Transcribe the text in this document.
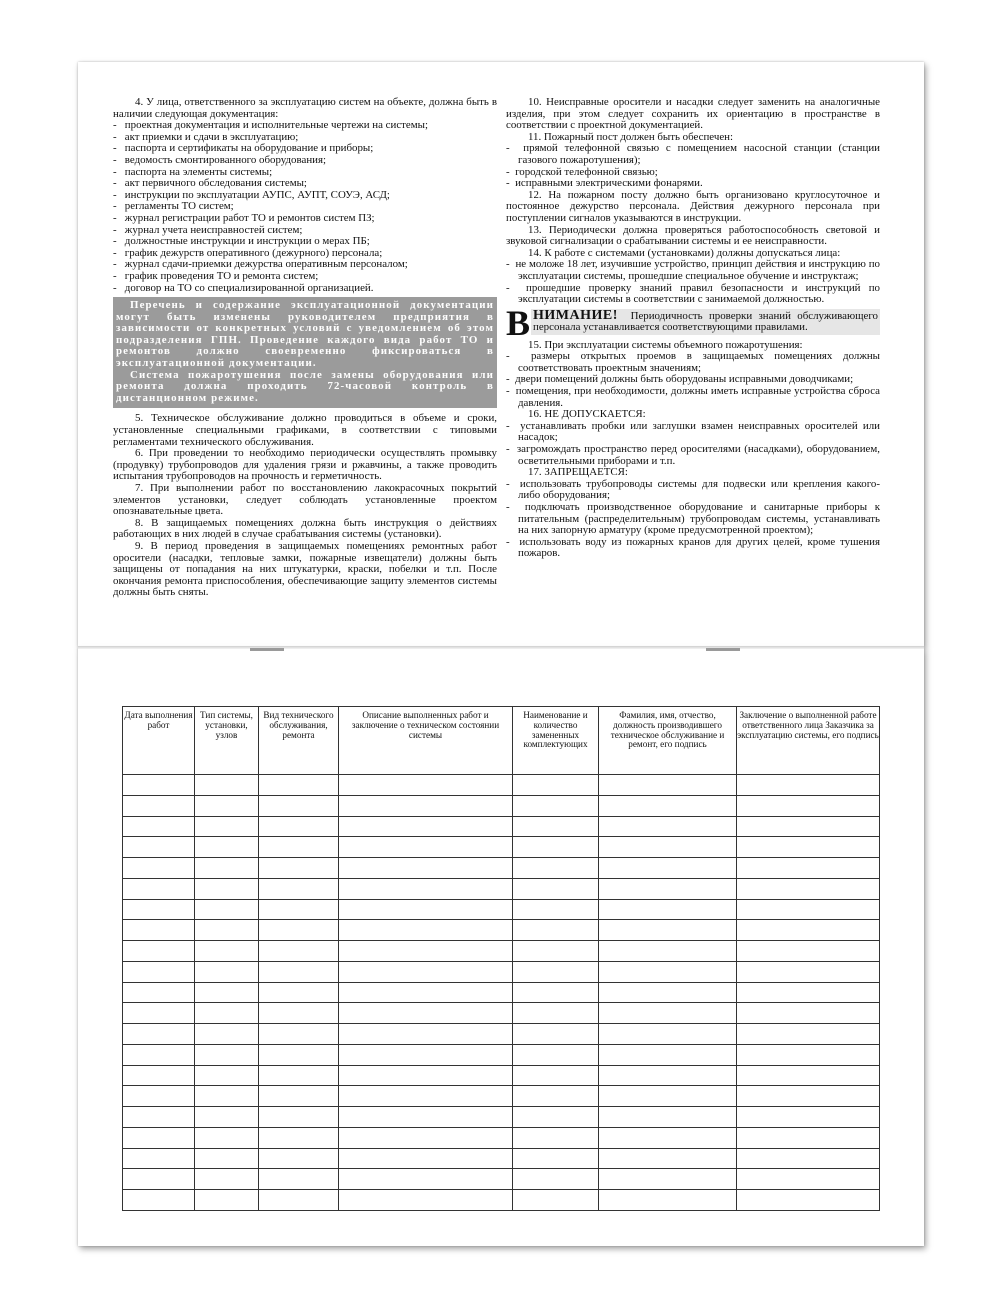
4. У лица, ответственного за эксплуатацию систем на объекте, должна быть в наличии следующая документация:

-   проектная документация и исполнительные чертежи на системы;
-   акт приемки и сдачи в эксплуатацию;
-   паспорта и сертификаты на оборудование и приборы;
-   ведомость смонтированного оборудования;
-   паспорта на элементы системы;
-   акт первичного обследования системы;
-   инструкции по эксплуатации АУПС, АУПТ, СОУЭ, АСД;
-   регламенты ТО систем;
-   журнал регистрации работ ТО и ремонтов систем ПЗ;
-   журнал учета неисправностей систем;
-   должностные инструкции и инструкции о мерах ПБ;
-   график дежурств оперативного (дежурного) персонала;
-   журнал сдачи-приемки дежурства оперативным персоналом;
-   график проведения ТО и ремонта систем;
-   договор на ТО со специализированной организацией.

Перечень и содержание эксплуатационной документации могут быть изменены руководителем предприятия в зависимости от конкретных условий с уведомлением об этом подразделения ГПН. Проведение каждого вида работ ТО и ремонтов должно своевременно фиксироваться в эксплуатационной документации.

Система пожаротушения после замены оборудования или ремонта должна проходить 72-часовой контроль в дистанционном режиме.

5. Техническое обслуживание должно проводиться в объеме и сроки, установленные специальными графиками, в соответствии с типовыми регламентами технического обслуживания.

6. При проведении то необходимо периодически осуществлять промывку (продувку) трубопроводов для удаления грязи и ржавчины, а также проводить испытания трубопроводов на прочность и герметичность.

7. При выполнении работ по восстановлению лакокрасочных покрытий элементов установки, следует соблюдать установленные проектом опознавательные цвета.

8. В защищаемых помещениях должна быть инструкция о действиях работающих в них людей в случае срабатывания системы (установки).

9. В период проведения в защищаемых помещениях ремонтных работ оросители (насадки, тепловые замки, пожарные извещатели) должны быть защищены от попадания на них штукатурки, краски, побелки и т.п. После окончания ремонта приспособления, обеспечивающие защиту элементов системы должны быть сняты.

10. Неисправные оросители и насадки следует заменить на аналогичные изделия, при этом следует сохранить их ориентацию в пространстве в соответствии с проектной документацией.

11. Пожарный пост должен быть обеспечен:

-  прямой телефонной связью с помещением насосной станции (станции газового пожаротушения);
-  городской телефонной связью;
-  исправными электрическими фонарями.

12. На пожарном посту должно быть организовано круглосуточное и постоянное дежурство персонала. Действия дежурного персонала при поступлении сигналов указываются в инструкции.

13. Периодически должна проверяться работоспособность световой и звуковой сигнализации о срабатывании системы и ее неисправности.

14. К работе с системами (установками) должны допускаться лица:

-  не моложе 18 лет, изучившие устройство, принцип действия и инструкцию по эксплуатации системы, прошедшие специальное обучение и инструктаж;
-  прошедшие проверку знаний правил безопасности и инструкций по эксплуатации системы в соответствии с занимаемой должностью.
В НИМАНИЕ! Периодичность проверки знаний обслуживающего персонала устанавливается соответствующими правилами.

15. При эксплуатации системы объемного пожаротушения:

-  размеры открытых проемов в защищаемых помещениях должны соответствовать проектным значениям;
-  двери помещений должны быть оборудованы исправными доводчиками;
-  помещения, при необходимости, должны иметь исправные устройства сброса давления.

16. НЕ ДОПУСКАЕТСЯ:

-  устанавливать пробки или заглушки взамен неисправных оросителей или насадок;
-  загромождать пространство перед оросителями (насадками), оборудованием, осветительными приборами и т.п.

17. ЗАПРЕЩАЕТСЯ:

-  использовать трубопроводы системы для подвески или крепления какого-либо оборудования;
-  подключать производственное оборудование и санитарные приборы к питательным (распределительным) трубопроводам системы, устанавливать на них запорную арматуру (кроме предусмотренной проектом);
-  использовать воду из пожарных кранов для других целей, кроме тушения пожаров.
Дата выполнения работ	Тип системы, установки, узлов	Вид технического обслуживания, ремонта	Описание выполненных работ и заключение о техническом состоянии системы	Наименование и количество замененных комплектующих	Фамилия, имя, отчество, должность производившего техническое обслуживание и ремонт, его подпись	Заключение о выполненной работе ответственного лица Заказчика за эксплуатацию системы, его подпись
